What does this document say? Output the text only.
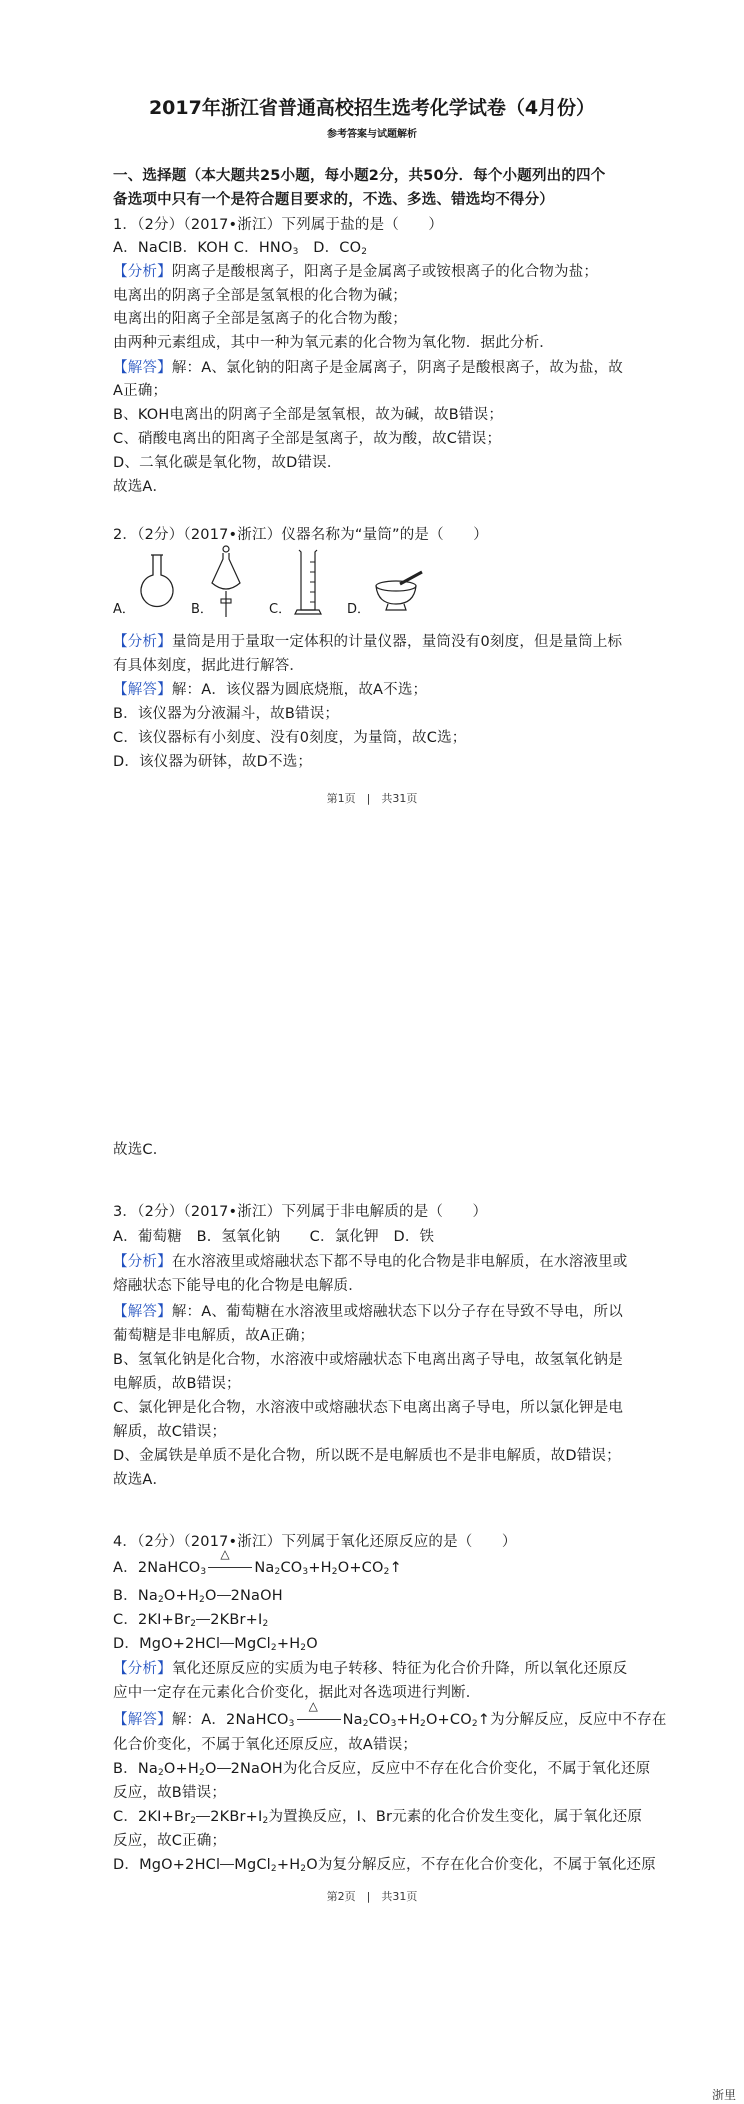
2017年浙江省普通高校招生选考化学试卷（4月份）
参考答案与试题解析
一、选择题（本大题共25小题，每小题2分，共50分．每个小题列出的四个
备选项中只有一个是符合题目要求的，不选、多选、错选均不得分）
1．（2分）（2017•浙江）下列属于盐的是（　　）
A．NaClB．KOH C．$HNO_3$　D．$CO_2$
【分析】阴离子是酸根离子，阳离子是金属离子或铵根离子的化合物为盐；
电离出的阴离子全部是氢氧根的化合物为碱；
电离出的阳离子全部是氢离子的化合物为酸；
由两种元素组成，其中一种为氧元素的化合物为氧化物．据此分析．
【解答】解：A、氯化钠的阳离子是金属离子，阴离子是酸根离子，故为盐，故
A正确；
B、KOH电离出的阴离子全部是氢氧根，故为碱，故B错误；
C、硝酸电离出的阳离子全部是氢离子，故为酸，故C错误；
D、二氧化碳是氧化物，故D错误．
故选A．
2．（2分）（2017•浙江）仪器名称为“量筒”的是（　　）
A．	B．	C．	D．
【分析】量筒是用于量取一定体积的计量仪器，量筒没有0刻度，但是量筒上标
有具体刻度，据此进行解答．
【解答】解：A．该仪器为圆底烧瓶，故A不选；
B．该仪器为分液漏斗，故B错误；
C．该仪器标有小刻度、没有0刻度，为量筒，故C选；
D．该仪器为研钵，故D不选；
第1页　|　共31页
故选C．
3．（2分）（2017•浙江）下列属于非电解质的是（　　）
A．葡萄糖　B．氢氧化钠　　C．氯化钾　D．铁
【分析】在水溶液里或熔融状态下都不导电的化合物是非电解质，在水溶液里或
熔融状态下能导电的化合物是电解质．
【解答】解：A、葡萄糖在水溶液里或熔融状态下以分子存在导致不导电，所以
葡萄糖是非电解质，故A正确；
B、氢氧化钠是化合物，水溶液中或熔融状态下电离出离子导电，故氢氧化钠是
电解质，故B错误；
C、氯化钾是化合物，水溶液中或熔融状态下电离出离子导电，所以氯化钾是电
解质，故C错误；
D、金属铁是单质不是化合物，所以既不是电解质也不是非电解质，故D错误；
故选A．
4．（2分）（2017•浙江）下列属于氧化还原反应的是（　　）
A．2NaHCO$_3$
△
$Na_2CO_3+H_2O+CO_2↑$
B．$Na_2O+H_2O$ 2NaOH
C．$2KI+Br_2$ $2KBr+I_2$
D．MgO+2HCl $MgCl_2+H_2O$
【分析】氧化还原反应的实质为电子转移、特征为化合价升降，所以氧化还原反
应中一定存在元素化合价变化，据此对各选项进行判断．
【解答】解：A．2NaHCO$_3$
△
$Na_2CO_3+H_2O+CO_2↑$为分解反应，反应中不存在
化合价变化，不属于氧化还原反应，故A错误；
B．$Na_2O+H_2O$ 2NaOH为化合反应，反应中不存在化合价变化，不属于氧化还原
反应，故B错误；
C．$2KI+Br_2$ $2KBr+I_2$为置换反应，I、Br元素的化合价发生变化，属于氧化还原
反应，故C正确；
D．MgO+2HCl $MgCl_2+H_2O$为复分解反应，不存在化合价变化，不属于氧化还原
第2页　|　共31页
浙里
